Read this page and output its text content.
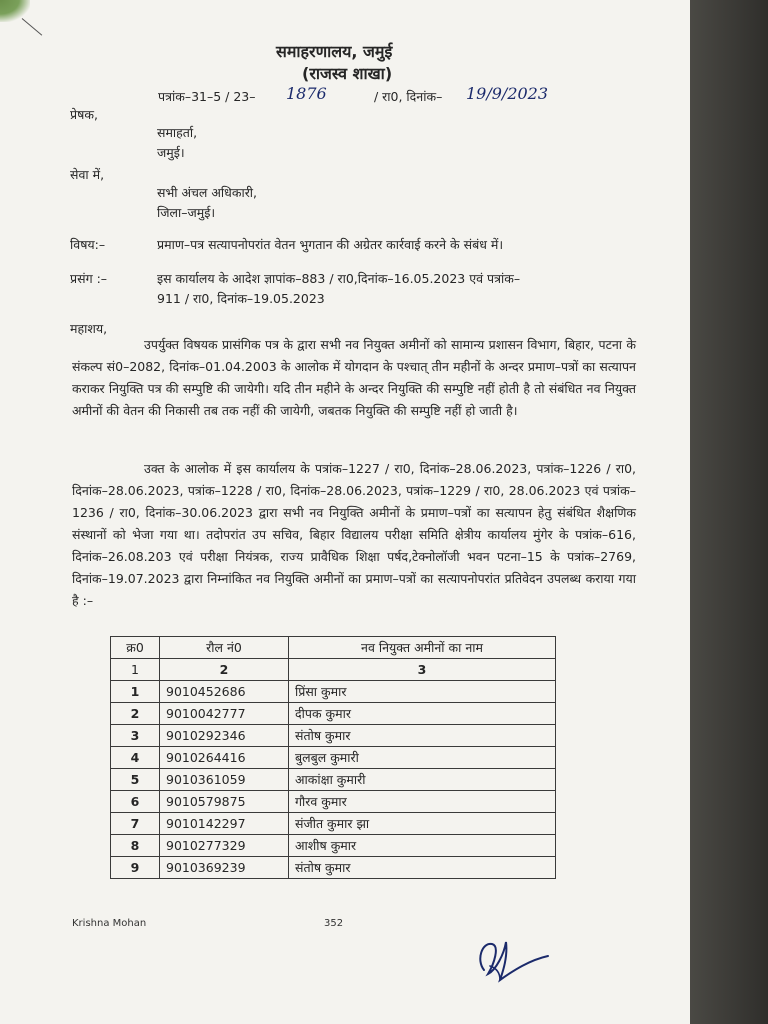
समाहरणालय, जमुई
(राजस्व शाखा)
पत्रांक–31–5 / 23– 1876	/ रा0, दिनांक– 19/9/2023
प्रेषक,
समाहर्ता,
जमुई।
सेवा में,
सभी अंचल अधिकारी,
जिला–जमुई।
विषय:–	प्रमाण–पत्र सत्यापनोपरांत वेतन भुगतान की अग्रेतर कार्रवाई करने के संबंध में।
प्रसंग :–	इस कार्यालय के आदेश ज्ञापांक–883 / रा0,दिनांक–16.05.2023 एवं पत्रांक–
911 / रा0, दिनांक–19.05.2023
महाशय,
उपर्युक्त विषयक प्रासंगिक पत्र के द्वारा सभी नव नियुक्त अमीनों को सामान्य प्रशासन विभाग, बिहार, पटना के संकल्प सं0–2082, दिनांक–01.04.2003 के आलोक में योगदान के पश्चात् तीन महीनों के अन्दर प्रमाण–पत्रों का सत्यापन कराकर नियुक्ति पत्र की सम्पुष्टि की जायेगी। यदि तीन महीने के अन्दर नियुक्ति की सम्पुष्टि नहीं होती है तो संबंधित नव नियुक्त अमीनों की वेतन की निकासी तब तक नहीं की जायेगी, जबतक नियुक्ति की सम्पुष्टि नहीं हो जाती है।
उक्त के आलोक में इस कार्यालय के पत्रांक–1227 / रा0, दिनांक–28.06.2023, पत्रांक–1226 / रा0, दिनांक–28.06.2023, पत्रांक–1228 / रा0, दिनांक–28.06.2023, पत्रांक–1229 / रा0, 28.06.2023 एवं पत्रांक–1236 / रा0, दिनांक–30.06.2023 द्वारा सभी नव नियुक्ति अमीनों के प्रमाण–पत्रों का सत्यापन हेतु संबंधित शैक्षणिक संस्थानों को भेजा गया था। तदोपरांत उप सचिव, बिहार विद्यालय परीक्षा समिति क्षेत्रीय कार्यालय मुंगेर के पत्रांक–616, दिनांक–26.08.203 एवं परीक्षा नियंत्रक, राज्य प्रावैधिक शिक्षा पर्षद,टेक्नोलॉजी भवन पटना–15 के पत्रांक–2769, दिनांक–19.07.2023 द्वारा निम्नांकित नव नियुक्ति अमीनों का प्रमाण–पत्रों का सत्यापनोपरांत प्रतिवेदन उपलब्ध कराया गया है :–
क्र0	रौल नं0	नव नियुक्त अमीनों का नाम
1	2	3
1	9010452686	प्रिंसा कुमार
2	9010042777	दीपक कुमार
3	9010292346	संतोष कुमार
4	9010264416	बुलबुल कुमारी
5	9010361059	आकांक्षा कुमारी
6	9010579875	गौरव कुमार
7	9010142297	संजीत कुमार झा
8	9010277329	आशीष कुमार
9	9010369239	संतोष कुमार
Krishna Mohan	352
